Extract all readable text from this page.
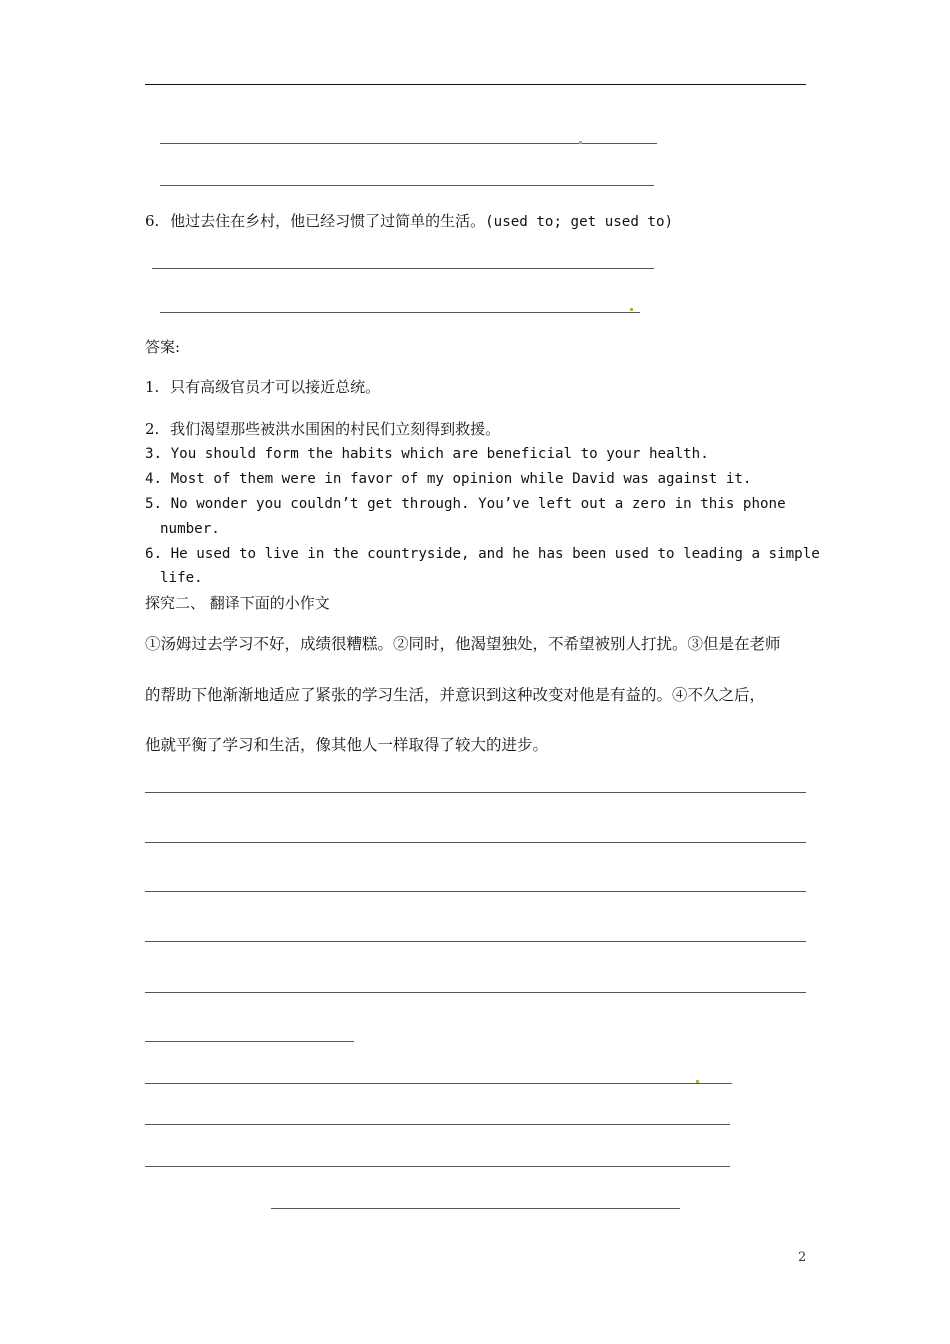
6. 他过去住在乡村，他已经习惯了过简单的生活。(used to; get used to)
答案:
1. 只有高级官员才可以接近总统。
2. 我们渴望那些被洪水围困的村民们立刻得到救援。
3. You should form the habits which are beneficial to your health.
4. Most of them were in favor of my opinion while David was against it.
5. No wonder you couldn’t get through. You’ve left out a zero in this phone
number.
6. He used to live in the countryside, and he has been used to leading a simple
life.
探究二、 翻译下面的小作文
①汤姆过去学习不好，成绩很糟糕。②同时，他渴望独处，不希望被别人打扰。③但是在老师
的帮助下他渐渐地适应了紧张的学习生活，并意识到这种改变对他是有益的。④不久之后，
他就平衡了学习和生活，像其他人一样取得了较大的进步。
2
